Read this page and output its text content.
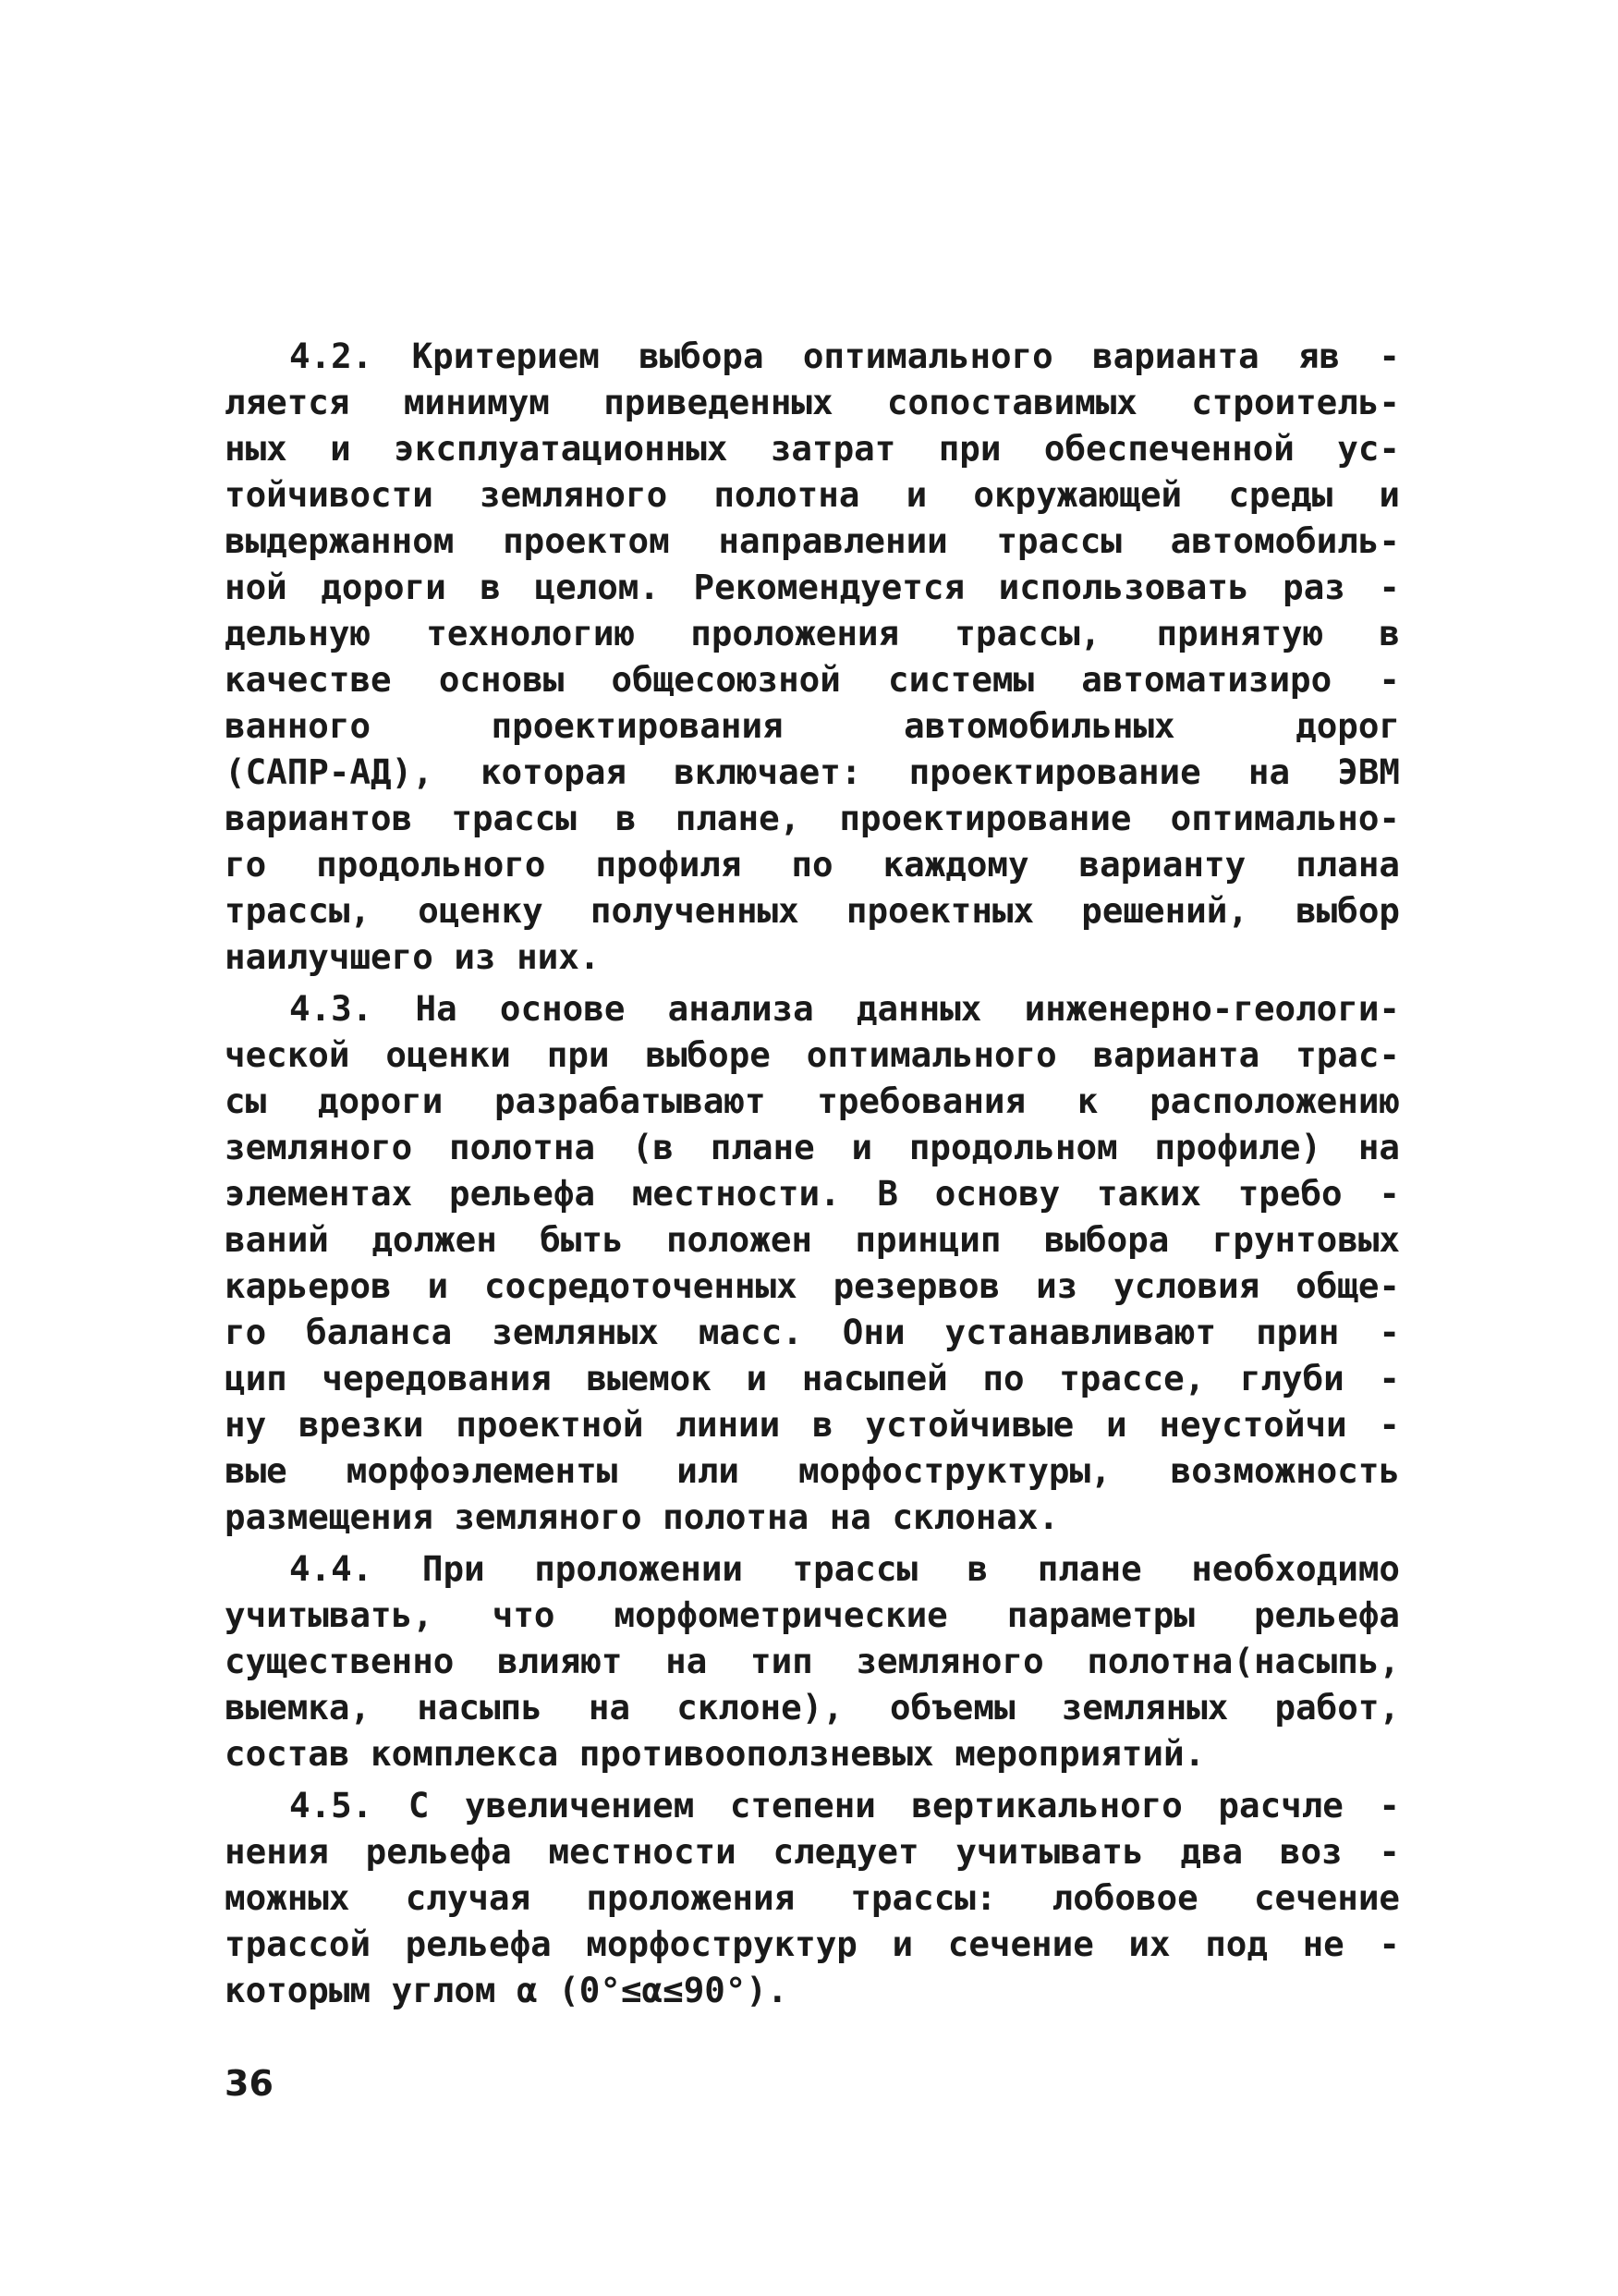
4.2. Критерием выбора оптимального варианта яв -
ляется минимум приведенных сопоставимых строитель-
ных и эксплуатационных затрат при обеспеченной ус-
тойчивости земляного полотна и окружающей среды и
выдержанном проектом направлении трассы автомобиль-
ной дороги в целом. Рекомендуется использовать раз -
дельную технологию проложения трассы, принятую в
качестве основы общесоюзной системы автоматизиро -
ванного проектирования автомобильных дорог
(САПР-АД), которая включает: проектирование на ЭВМ
вариантов трассы в плане, проектирование оптимально-
го продольного профиля по каждому варианту плана
трассы, оценку полученных проектных решений, выбор
наилучшего из них.
4.3. На основе анализа данных инженерно-геологи-
ческой оценки при выборе оптимального варианта трас-
сы дороги разрабатывают требования к расположению
земляного полотна (в плане и продольном профиле) на
элементах рельефа местности. В основу таких требо -
ваний должен быть положен принцип выбора грунтовых
карьеров и сосредоточенных резервов из условия обще-
го баланса земляных масс. Они устанавливают прин -
цип чередования выемок и насыпей по трассе, глуби -
ну врезки проектной линии в устойчивые и неустойчи -
вые морфоэлементы или морфоструктуры, возможность
размещения земляного полотна на склонах.
4.4. При проложении трассы в плане необходимо
учитывать, что морфометрические параметры рельефа
существенно влияют на тип земляного полотна(насыпь,
выемка, насыпь на склоне), объемы земляных работ,
состав комплекса противооползневых мероприятий.
4.5. С увеличением степени вертикального расчле -
нения рельефа местности следует учитывать два воз -
можных случая проложения трассы: лобовое сечение
трассой рельефа морфоструктур и сечение их под не -
которым углом α (0°≤α≤90°).
36
